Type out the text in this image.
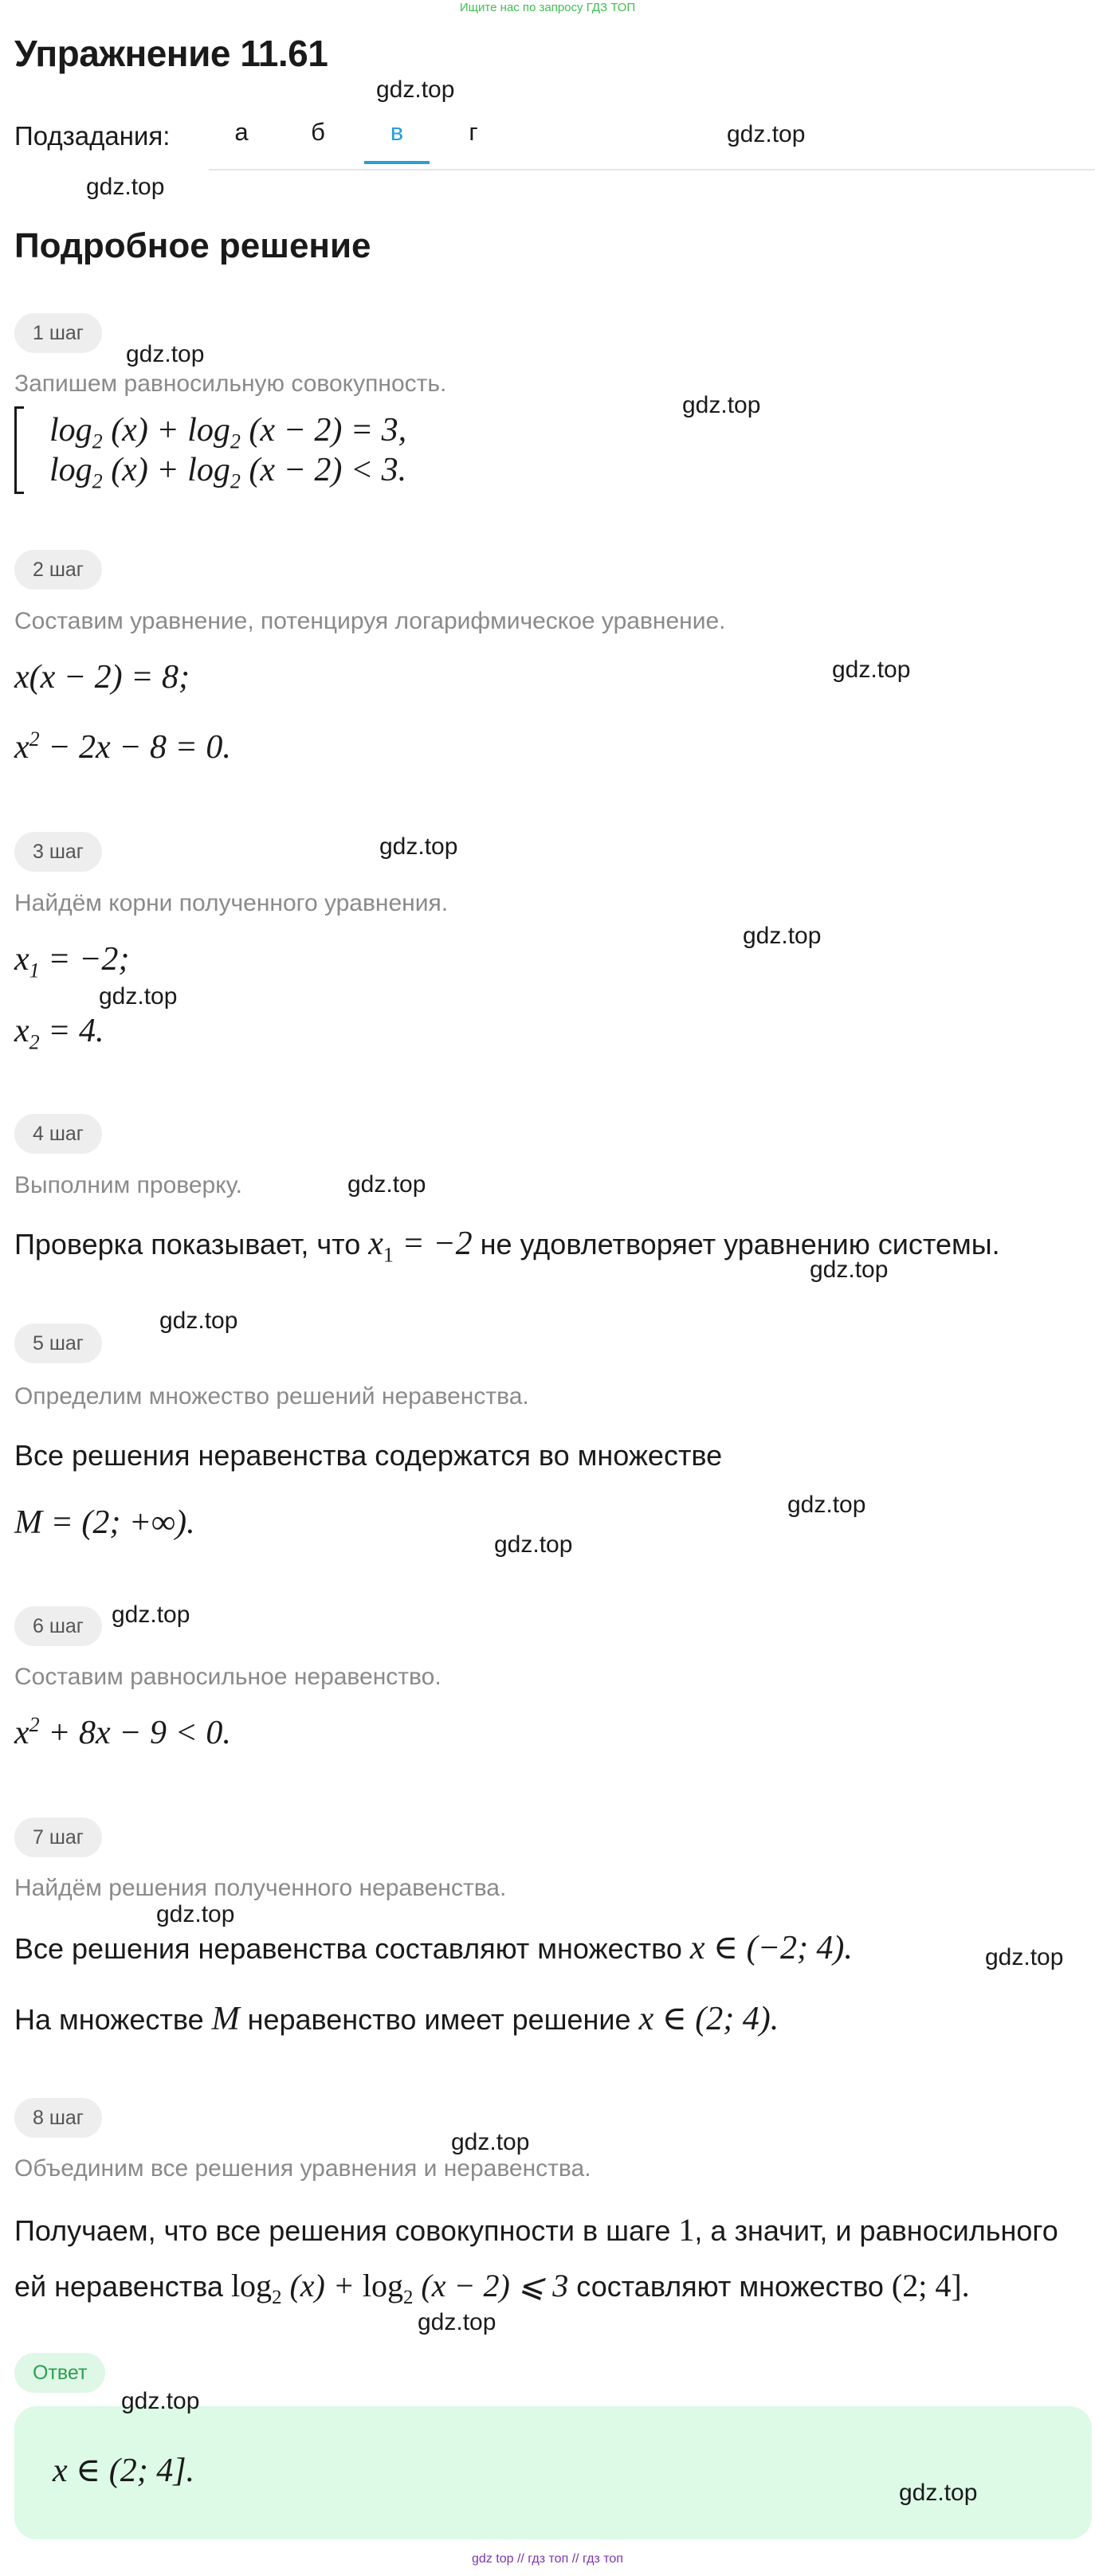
Ищите нас по запросу ГДЗ ТОП
Упражнение 11.61
Подзадания:	а	б	в	г
Подробное решение
1 шаг
Запишем равносильную совокупность.
$\log_2 (x) + \log_2 (x - 2) = 3$,
$\log_2 (x) + \log_2 (x - 2) < 3$.
2 шаг
Составим уравнение, потенцируя логарифмическое уравнение.
x(x − 2) = 8;
$x^2 - 2x - 8 = 0$.
3 шаг
Найдём корни полученного уравнения.
$x_1 = -2$;
$x_2 = 4$.
4 шаг
Выполним проверку.
Проверка показывает, что $x_1 = -2$ не удовлетворяет уравнению системы.
5 шаг
Определим множество решений неравенства.
Все решения неравенства содержатся во множестве
M = (2; +∞).
6 шаг
Составим равносильное неравенство.
$x^2 + 8x - 9 < 0$.
7 шаг
Найдём решения полученного неравенства.
Все решения неравенства составляют множество x ∈ (−2; 4).
На множестве M неравенство имеет решение x ∈ (2; 4).
8 шаг
Объединим все решения уравнения и неравенства.
Получаем, что все решения совокупности в шаге 1, а значит, и равносильного
ей неравенства $\log_2 (x) + \log_2 (x - 2)$ ⩽ 3 составляют множество (2; 4].
Ответ
x ∈ (2; 4].
gdz.top
gdz.top
gdz.top
gdz.top
gdz.top
gdz.top
gdz.top
gdz.top
gdz.top
gdz.top
gdz.top
gdz.top
gdz.top
gdz.top
gdz.top
gdz.top
gdz.top
gdz.top
gdz.top
gdz.top
gdz.top
gdz top // гдз топ // гдз топ
